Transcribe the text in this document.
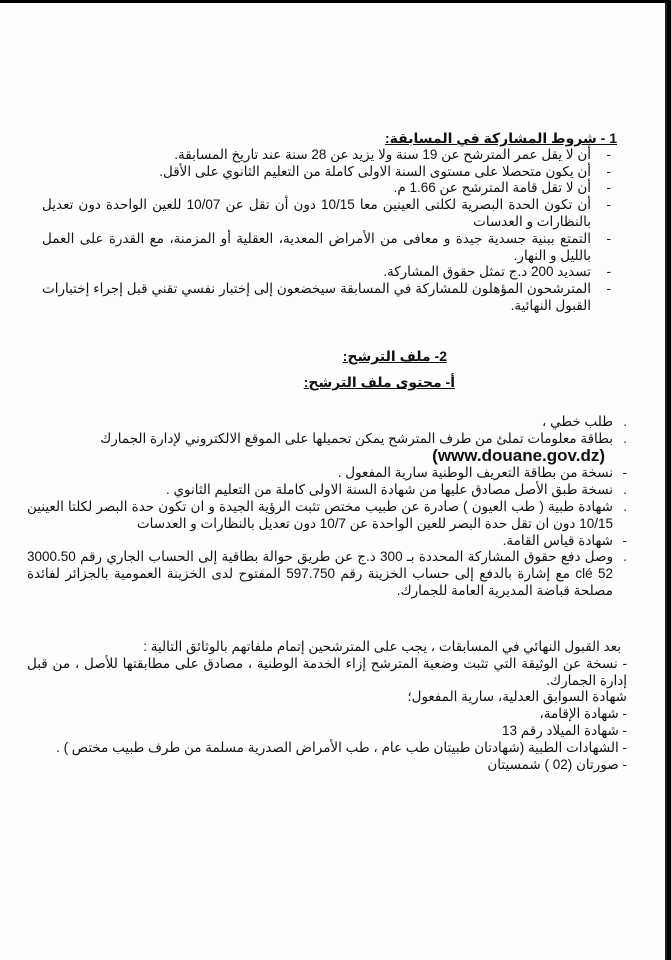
1 - شروط المشاركة في المسابقة:
-
أن لا يقل عمر المترشح عن 19 سنة ولا يزيد عن 28 سنة عند تاريخ المسابقة.
-
أن يكون متحصلا على مستوى السنة الاولى كاملة من التعليم الثانوي على الأقل.
-
أن لا تقل قامة المترشح عن 1.66 م.
-
أن تكون الحدة البصرية لكلتى العينين معا 10/15 دون أن تقل عن 10/07 للعين الواحدة دون تعديل بالنظارات و العدسات
-
التمتع ببنية جسدية جيدة و معافى من الأمراض المعدية، العقلية أو المزمنة، مع القدرة على العمل بالليل و النهار.
-
تسديد 200 د.ج تمثل حقوق المشاركة.
-
المترشحون المؤهلون للمشاركة في المسابقة سيخضعون إلى إختبار نفسي تقني قبل إجراء إختبارات القبول النهائية.
2- ملف الترشح:
أ- محتوى ملف الترشح:
.
طلب خطي ،
.
بطاقة معلومات تملئ من طرف المترشح يمكن تحميلها على الموقع الالكتروني لإدارة الجمارك
(www.douane.gov.dz)
-
نسخة من بطاقة التعريف الوطنية سارية المفعول .
.
نسخة طبق الأصل مصادق عليها من شهادة السنة الاولى كاملة من التعليم الثانوي .
.
شهادة طبية ( طب العيون ) صادرة عن طبيب مختص تثبت الرؤية الجيدة و ان تكون حدة البصر لكلتا العينين 10/15 دون ان تقل حدة البصر للعين الواحدة عن 10/7 دون تعديل بالنظارات و العدسات
-
شهادة قياس القامة.
.
وصل دفع حقوق المشاركة المحددة بـ 300 د.ج عن طريق حوالة بطاقية إلى الحساب الجاري رقم 3000.50 clé 52 مع إشارة بالدفع إلى حساب الخزينة رقم 597.750 المفتوح لدى الخزينة العمومية بالجزائر لفائدة مصلحة قباضة المديرية العامة للجمارك.

بعد القبول النهائي في المسابقات ، يجب على المترشحين إتمام ملفاتهم بالوثائق التالية :

- نسخة عن الوثيقة التي تثبت وضعية المترشح إزاء الخدمة الوطنية ، مصادق على مطابقتها للأصل ، من قبل إدارة الجمارك.

شهادة السوابق العدلية، سارية المفعول؛

- شهادة الإقامة،

- شهادة الميلاد رقم 13

- الشهادات الطبية (شهادتان طبيتان طب عام ، طب الأمراض الصدرية مسلمة من طرف طبيب مختص ) .

- صورتان (02 ) شمسيتان
